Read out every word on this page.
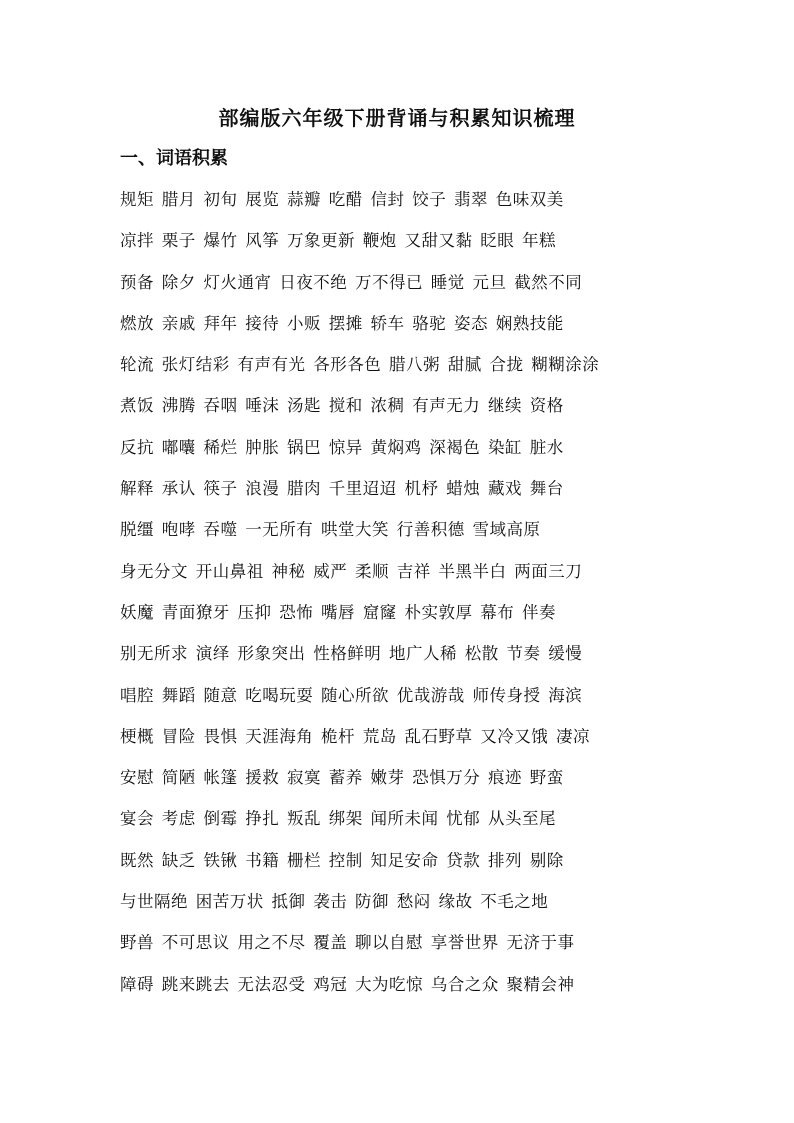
部编版六年级下册背诵与积累知识梳理
一、词语积累
规矩 腊月 初旬 展览 蒜瓣 吃醋 信封 饺子 翡翠 色味双美
凉拌 栗子 爆竹 风筝 万象更新 鞭炮 又甜又黏 眨眼 年糕
预备 除夕 灯火通宵 日夜不绝 万不得已 睡觉 元旦 截然不同
燃放 亲戚 拜年 接待 小贩 摆摊 轿车 骆驼 姿态 娴熟技能
轮流 张灯结彩 有声有光 各形各色 腊八粥 甜腻 合拢 糊糊涂涂
煮饭 沸腾 吞咽 唾沫 汤匙 搅和 浓稠 有声无力 继续 资格
反抗 嘟囔 稀烂 肿胀 锅巴 惊异 黄焖鸡 深褐色 染缸 脏水
解释 承认 筷子 浪漫 腊肉 千里迢迢 机杼 蜡烛 藏戏 舞台
脱缰 咆哮 吞噬 一无所有 哄堂大笑 行善积德 雪域高原
身无分文 开山鼻祖 神秘 威严 柔顺 吉祥 半黑半白 两面三刀
妖魔 青面獠牙 压抑 恐怖 嘴唇 窟窿 朴实敦厚 幕布 伴奏
别无所求 演绎 形象突出 性格鲜明 地广人稀 松散 节奏 缓慢
唱腔 舞蹈 随意 吃喝玩耍 随心所欲 优哉游哉 师传身授 海滨
梗概 冒险 畏惧 天涯海角 桅杆 荒岛 乱石野草 又冷又饿 凄凉
安慰 简陋 帐篷 援救 寂寞 蓄养 嫩芽 恐惧万分 痕迹 野蛮
宴会 考虑 倒霉 挣扎 叛乱 绑架 闻所未闻 忧郁 从头至尾
既然 缺乏 铁锹 书籍 栅栏 控制 知足安命 贷款 排列 剔除
与世隔绝 困苦万状 抵御 袭击 防御 愁闷 缘故 不毛之地
野兽 不可思议 用之不尽 覆盖 聊以自慰 享誉世界 无济于事
障碍 跳来跳去 无法忍受 鸡冠 大为吃惊 乌合之众 聚精会神
